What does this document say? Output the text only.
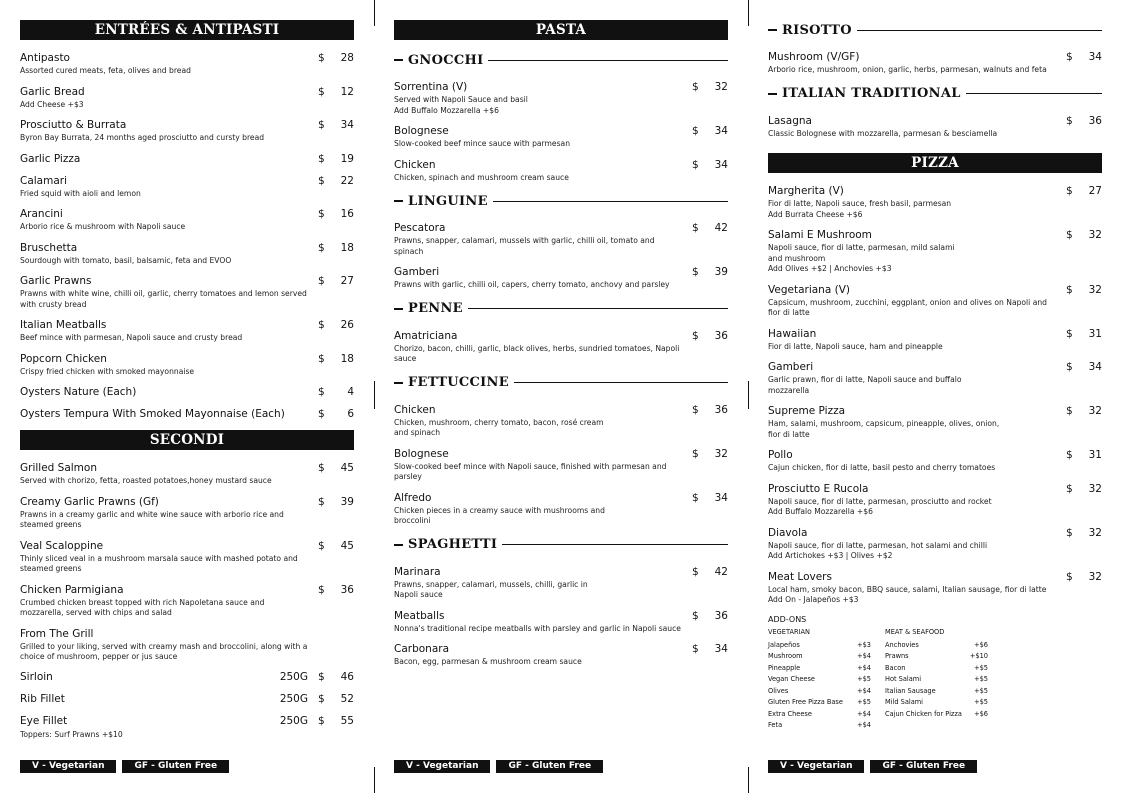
ENTRÉES & ANTIPASTI
Antipasto	$	28
Assorted cured meats, feta, olives and bread
Garlic Bread	$	12
Add Cheese +$3
Prosciutto & Burrata	$	34
Byron Bay Burrata, 24 months aged prosciutto and cursty bread
Garlic Pizza	$	19
Calamari	$	22
Fried squid with aioli and lemon
Arancini	$	16
Arborio rice & mushroom with Napoli sauce
Bruschetta	$	18
Sourdough with tomato, basil, balsamic, feta and EVOO
Garlic Prawns	$	27
Prawns with white wine, chilli oil, garlic, cherry tomatoes and lemon served with crusty bread
Italian Meatballs	$	26
Beef mince with parmesan, Napoli sauce and crusty bread
Popcorn Chicken	$	18
Crispy fried chicken with smoked mayonnaise
Oysters Nature (Each)	$	4
Oysters Tempura With Smoked Mayonnaise (Each)	$	6
SECONDI
Grilled Salmon	$	45
Served with chorizo, fetta, roasted potatoes,honey mustard sauce
Creamy Garlic Prawns (Gf)	$	39
Prawns in a creamy garlic and white wine sauce with arborio rice and steamed greens
Veal Scaloppine	$	45
Thinly sliced veal in a mushroom marsala sauce with mashed potato and steamed greens
Chicken Parmigiana	$	36
Crumbed chicken breast topped with rich Napoletana sauce and mozzarella, served with chips and salad
From The Grill
Grilled to your liking, served with creamy mash and broccolini, along with a choice of mushroom, pepper or jus sauce
Sirloin	250G $	46
Rib Fillet	250G $	52
Eye Fillet	250G $	55
Toppers: Surf Prawns +$10
PASTA
GNOCCHI
Sorrentina (V)	$	32
Served with Napoli Sauce and basil
Add Buffalo Mozzarella +$6
Bolognese	$	34
Slow-cooked beef mince sauce with parmesan
Chicken	$	34
Chicken, spinach and mushroom cream sauce
LINGUINE
Pescatora	$	42
Prawns, snapper, calamari, mussels with garlic, chilli oil, tomato and spinach
Gamberi	$	39
Prawns with garlic, chilli oil, capers, cherry tomato, anchovy and parsley
PENNE
Amatriciana	$	36
Chorizo, bacon, chilli, garlic, black olives, herbs, sundried tomatoes, Napoli sauce
FETTUCCINE
Chicken	$	36
Chicken, mushroom, cherry tomato, bacon, rosé cream
and spinach
Bolognese	$	32
Slow-cooked beef mince with Napoli sauce, finished with parmesan and parsley
Alfredo	$	34
Chicken pieces in a creamy sauce with mushrooms and
broccolini
SPAGHETTI
Marinara	$	42
Prawns, snapper, calamari, mussels, chilli, garlic in
Napoli sauce
Meatballs	$	36
Nonna's traditional recipe meatballs with parsley and garlic in Napoli sauce
Carbonara	$	34
Bacon, egg, parmesan & mushroom cream sauce
RISOTTO
Mushroom (V/GF)	$	34
Arborio rice, mushroom, onion, garlic, herbs, parmesan, walnuts and feta
ITALIAN TRADITIONAL
Lasagna	$	36
Classic Bolognese with mozzarella, parmesan & besciamella
PIZZA
Margherita (V)	$	27
Fior di latte, Napoli sauce, fresh basil, parmesan
Add Burrata Cheese +$6
Salami E Mushroom	$	32
Napoli sauce, fior di latte, parmesan, mild salami
and mushroom
Add Olives +$2 | Anchovies +$3
Vegetariana (V)	$	32
Capsicum, mushroom, zucchini, eggplant, onion and olives on Napoli and fior di latte
Hawaiian	$	31
Fior di latte, Napoli sauce, ham and pineapple
Gamberi	$	34
Garlic prawn, fior di latte, Napoli sauce and buffalo
mozzarella
Supreme Pizza	$	32
Ham, salami, mushroom, capsicum, pineapple, olives, onion,
fior di latte
Pollo	$	31
Cajun chicken, fior di latte, basil pesto and cherry tomatoes
Prosciutto E Rucola	$	32
Napoli sauce, fior di latte, parmesan, prosciutto and rocket
Add Buffalo Mozzarella +$6
Diavola	$	32
Napoli sauce, fior di latte, parmesan, hot salami and chilli
Add Artichokes +$3 | Olives +$2
Meat Lovers	$	32
Local ham, smoky bacon, BBQ sauce, salami, Italian sausage, fior di latte
Add On - Jalapeños +$3
ADD-ONS
VEGETARIAN
Jalapeños	+$3
Mushroom	+$4
Pineapple	+$4
Vegan Cheese	+$5
Olives	+$4
Gluten Free Pizza Base +$5
Extra Cheese	+$4
Feta	+$4
MEAT & SEAFOOD
Anchovies	+$6
Prawns	+$10
Bacon	+$5
Hot Salami	+$5
Italian Sausage	+$5
Mild Salami	+$5
Cajun Chicken for Pizza +$6
V - Vegetarian	GF - Gluten Free	V - Vegetarian	GF - Gluten Free	V - Vegetarian	GF - Gluten Free
